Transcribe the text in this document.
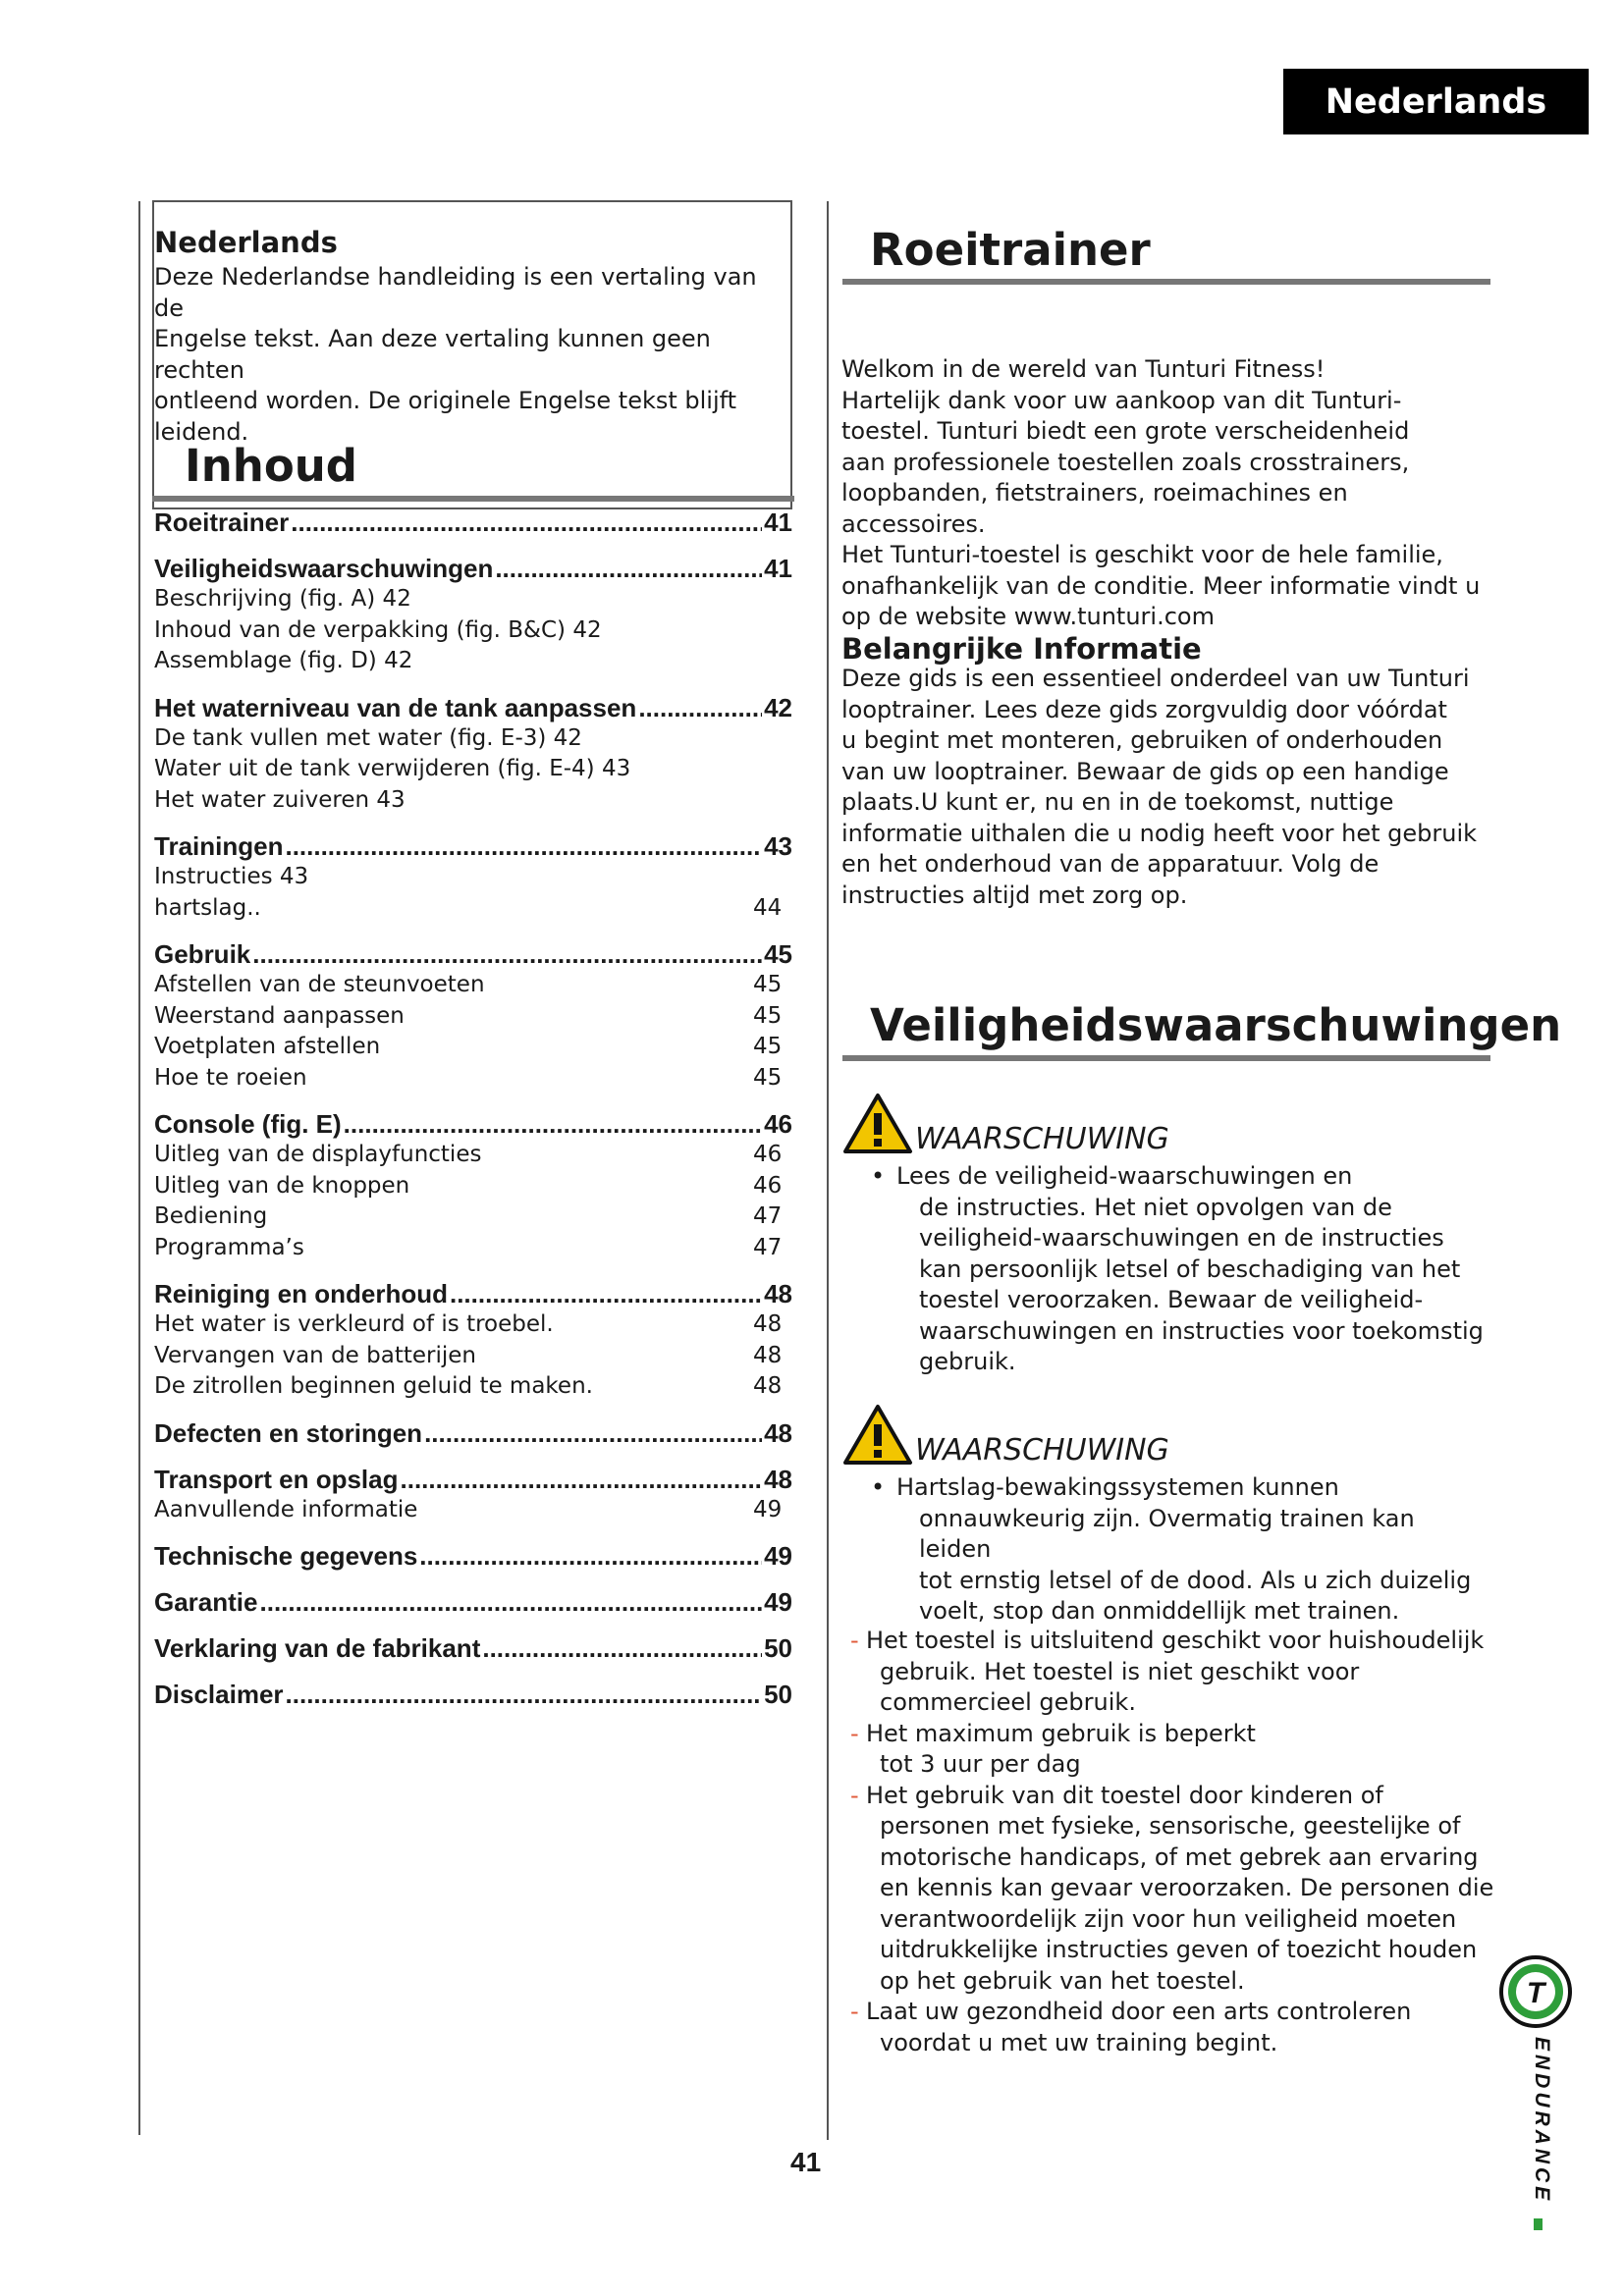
Nederlands
Nederlands
Deze Nederlandse handleiding is een vertaling van de
Engelse tekst. Aan deze vertaling kunnen geen rechten
ontleend worden. De originele Engelse tekst blijft
leidend.
Inhoud
Roeitrainer .....	41
Veiligheidswaarschuwingen .....	41
Beschrijving (fig. A) 42
Inhoud van de verpakking (fig. B&C) 42
Assemblage (fig. D) 42
Het waterniveau van de tank aanpassen .....	42
De tank vullen met water (fig. E-3) 42
Water uit de tank verwijderen (fig. E-4) 43
Het water zuiveren 43
Trainingen .....	43
Instructies 43
hartslag..	44
Gebruik .....	45
Afstellen van de steunvoeten	45
Weerstand aanpassen	45
Voetplaten afstellen	45
Hoe te roeien	45
Console (fig. E) .....	46
Uitleg van de displayfuncties	46
Uitleg van de knoppen	46
Bediening	47
Programma’s	47
Reiniging en onderhoud .....	48
Het water is verkleurd of is troebel.	48
Vervangen van de batterijen	48
De zitrollen beginnen geluid te maken.	48
Defecten en storingen .....	48
Transport en opslag .....	48
Aanvullende informatie	49
Technische gegevens .....	49
Garantie .....	49
Verklaring van de fabrikant .....	50
Disclaimer .....	50
Roeitrainer
Welkom in de wereld van Tunturi Fitness!
Hartelijk dank voor uw aankoop van dit Tunturi-
toestel. Tunturi biedt een grote verscheidenheid
aan professionele toestellen zoals crosstrainers,
loopbanden, fietstrainers, roeimachines en accessoires.
Het Tunturi-toestel is geschikt voor de hele familie,
onafhankelijk van de conditie. Meer informatie vindt u
op de website www.tunturi.com
Belangrijke Informatie
Deze gids is een essentieel onderdeel van uw Tunturi
looptrainer. Lees deze gids zorgvuldig door vóórdat
u begint met monteren, gebruiken of onderhouden
van uw looptrainer. Bewaar de gids op een handige
plaats.U kunt er, nu en in de toekomst, nuttige
informatie uithalen die u nodig heeft voor het gebruik
en het onderhoud van de apparatuur. Volg de
instructies altijd met zorg op.
Veiligheidswaarschuwingen
WAARSCHUWING
• Lees de veiligheid-waarschuwingen en
de instructies. Het niet opvolgen van de
veiligheid-waarschuwingen en de instructies
kan persoonlijk letsel of beschadiging van het
toestel veroorzaken. Bewaar de veiligheid-
waarschuwingen en instructies voor toekomstig
gebruik.
WAARSCHUWING
• Hartslag-bewakingssystemen kunnen
onnauwkeurig zijn. Overmatig trainen kan leiden
tot ernstig letsel of de dood. Als u zich duizelig
voelt, stop dan onmiddellijk met trainen.
- Het toestel is uitsluitend geschikt voor huishoudelijk
gebruik. Het toestel is niet geschikt voor
commercieel gebruik.
- Het maximum gebruik is beperkt
tot 3 uur per dag
- Het gebruik van dit toestel door kinderen of
personen met fysieke, sensorische, geestelijke of
motorische handicaps, of met gebrek aan ervaring
en kennis kan gevaar veroorzaken. De personen die
verantwoordelijk zijn voor hun veiligheid moeten
uitdrukkelijke instructies geven of toezicht houden
op het gebruik van het toestel.
- Laat uw gezondheid door een arts controleren
voordat u met uw training begint.
41
T
ENDURANCE
